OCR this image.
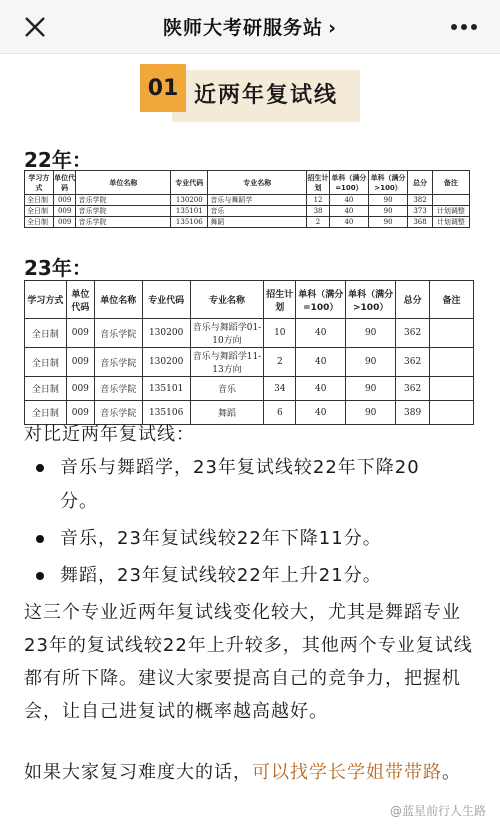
陕师大考研服务站 ›
01 近两年复试线
22年：
学习方式	单位代码	单位名称	专业代码	专业名称	招生计划	单科（满分=100）	单科（满分>100）	总分	备注
全日制	009	音乐学院	130200	音乐与舞蹈学	12	40	90	382	
全日制	009	音乐学院	135101	音乐	38	40	90	373	计划调整
全日制	009	音乐学院	135106	舞蹈	2	40	90	368	计划调整
23年：
学习方式	单位代码	单位名称	专业代码	专业名称	招生计划	单科（满分=100）	单科（满分>100）	总分	备注
全日制	009	音乐学院	130200	音乐与舞蹈学01-10方向	10	40	90	362	
全日制	009	音乐学院	130200	音乐与舞蹈学11-13方向	2	40	90	362	
全日制	009	音乐学院	135101	音乐	34	40	90	362	
全日制	009	音乐学院	135106	舞蹈	6	40	90	389	
对比近两年复试线：
音乐与舞蹈学，23年复试线较22年下降20
分。
音乐，23年复试线较22年下降11分。
舞蹈，23年复试线较22年上升21分。
这三个专业近两年复试线变化较大，尤其是舞蹈专业23年的复试线较22年上升较多，其他两个专业复试线都有所下降。建议大家要提高自己的竞争力，把握机会，让自己进复试的概率越高越好。
如果大家复习难度大的话，可以找学长学姐带带路。
@蓝星前行人生路
